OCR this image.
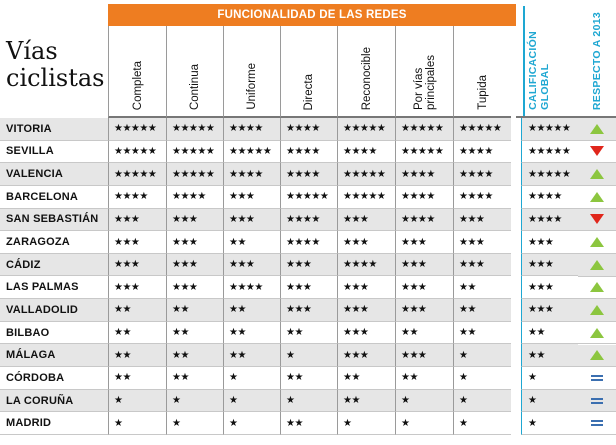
Vías
ciclistas
FUNCIONALIDAD DE LAS REDES
Completa	Continua	Uniforme	Directa	Reconocible	Por vías
principales	Tupida	CALIFICACIÓN
GLOBAL
VITORIA	★★★★★	★★★★★	★★★★	★★★★	★★★★★	★★★★★	★★★★★	★★★★★
SEVILLA	★★★★★	★★★★★	★★★★★	★★★★	★★★★	★★★★★	★★★★	★★★★★
VALENCIA	★★★★★	★★★★★	★★★★	★★★★	★★★★★	★★★★	★★★★	★★★★★
BARCELONA	★★★★	★★★★	★★★	★★★★★	★★★★★	★★★★	★★★★	★★★★
SAN SEBASTIÁN	★★★	★★★	★★★	★★★★	★★★	★★★★	★★★	★★★★
ZARAGOZA	★★★	★★★	★★	★★★★	★★★	★★★	★★★	★★★
CÁDIZ	★★★	★★★	★★★	★★★	★★★★	★★★	★★★	★★★
LAS PALMAS	★★★	★★★	★★★★	★★★	★★★	★★★	★★	★★★
VALLADOLID	★★	★★	★★	★★★	★★★	★★★	★★	★★★
BILBAO	★★	★★	★★	★★	★★★	★★	★★	★★
MÁLAGA	★★	★★	★★	★	★★★	★★★	★	★★
CÓRDOBA	★★	★★	★	★★	★★	★★	★	★
LA CORUÑA	★	★	★	★	★★	★	★	★
MADRID	★	★	★	★★	★	★	★	★
RESPECTO A 2013
